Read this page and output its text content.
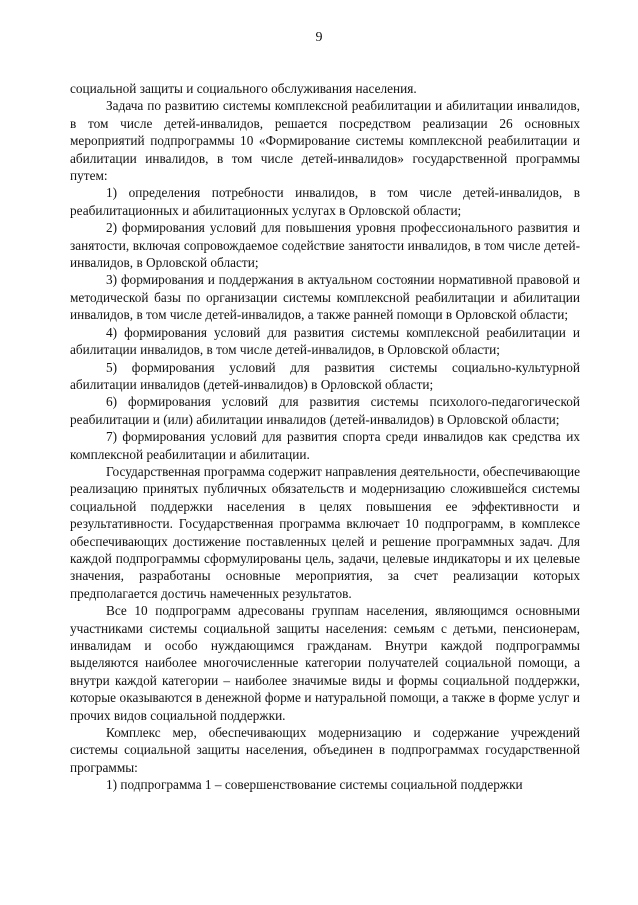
9

социальной защиты и социального обслуживания населения.

Задача по развитию системы комплексной реабилитации и абилитации инвалидов, в том числе детей-инвалидов, решается посредством реализации 26 основных мероприятий подпрограммы 10 «Формирование системы комплексной реабилитации и абилитации инвалидов, в том числе детей-инвалидов» государственной программы путем:

1) определения потребности инвалидов, в том числе детей-инвалидов, в реабилитационных и абилитационных услугах в Орловской области;

2) формирования условий для повышения уровня профессионального развития и занятости, включая сопровождаемое содействие занятости инвалидов, в том числе детей-инвалидов, в Орловской области;

3) формирования и поддержания в актуальном состоянии нормативной правовой и методической базы по организации системы комплексной реабилитации и абилитации инвалидов, в том числе детей-инвалидов, а также ранней помощи в Орловской области;

4) формирования условий для развития системы комплексной реабилитации и абилитации инвалидов, в том числе детей-инвалидов, в Орловской области;

5) формирования условий для развития системы социально-культурной абилитации инвалидов (детей-инвалидов) в Орловской области;

6) формирования условий для развития системы психолого-педагогической реабилитации и (или) абилитации инвалидов (детей-инвалидов) в Орловской области;

7) формирования условий для развития спорта среди инвалидов как средства их комплексной реабилитации и абилитации.

Государственная программа содержит направления деятельности, обеспечивающие реализацию принятых публичных обязательств и модернизацию сложившейся системы социальной поддержки населения в целях повышения ее эффективности и результативности. Государственная программа включает 10 подпрограмм, в комплексе обеспечивающих достижение поставленных целей и решение программных задач. Для каждой подпрограммы сформулированы цель, задачи, целевые индикаторы и их целевые значения, разработаны основные мероприятия, за счет реализации которых предполагается достичь намеченных результатов.

Все 10 подпрограмм адресованы группам населения, являющимся основными участниками системы социальной защиты населения: семьям с детьми, пенсионерам, инвалидам и особо нуждающимся гражданам. Внутри каждой подпрограммы выделяются наиболее многочисленные категории получателей социальной помощи, а внутри каждой категории – наиболее значимые виды и формы социальной поддержки, которые оказываются в денежной форме и натуральной помощи, а также в форме услуг и прочих видов социальной поддержки.

Комплекс мер, обеспечивающих модернизацию и содержание учреждений системы социальной защиты населения, объединен в подпрограммах государственной программы:

1) подпрограмма 1 – совершенствование системы социальной поддержки
